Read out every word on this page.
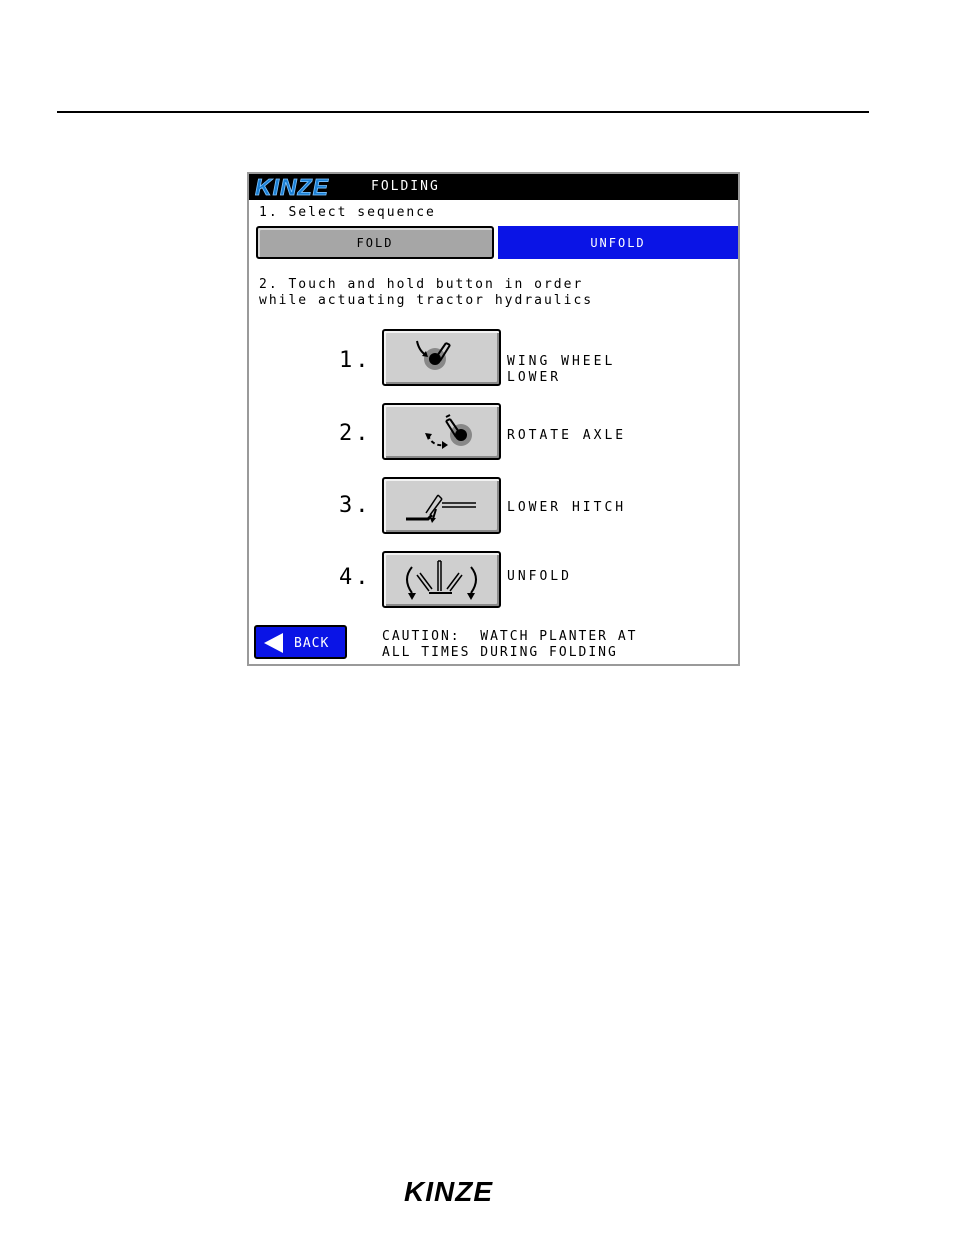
KINZE	FOLDING
1. Select sequence
FOLD	UNFOLD
2. Touch and hold button in order
while actuating tractor hydraulics
1.	WING WHEEL
LOWER
2.	ROTATE AXLE
3.	LOWER HITCH
4.	UNFOLD
BACK	CAUTION:  WATCH PLANTER AT
ALL TIMES DURING FOLDING
KINZE
